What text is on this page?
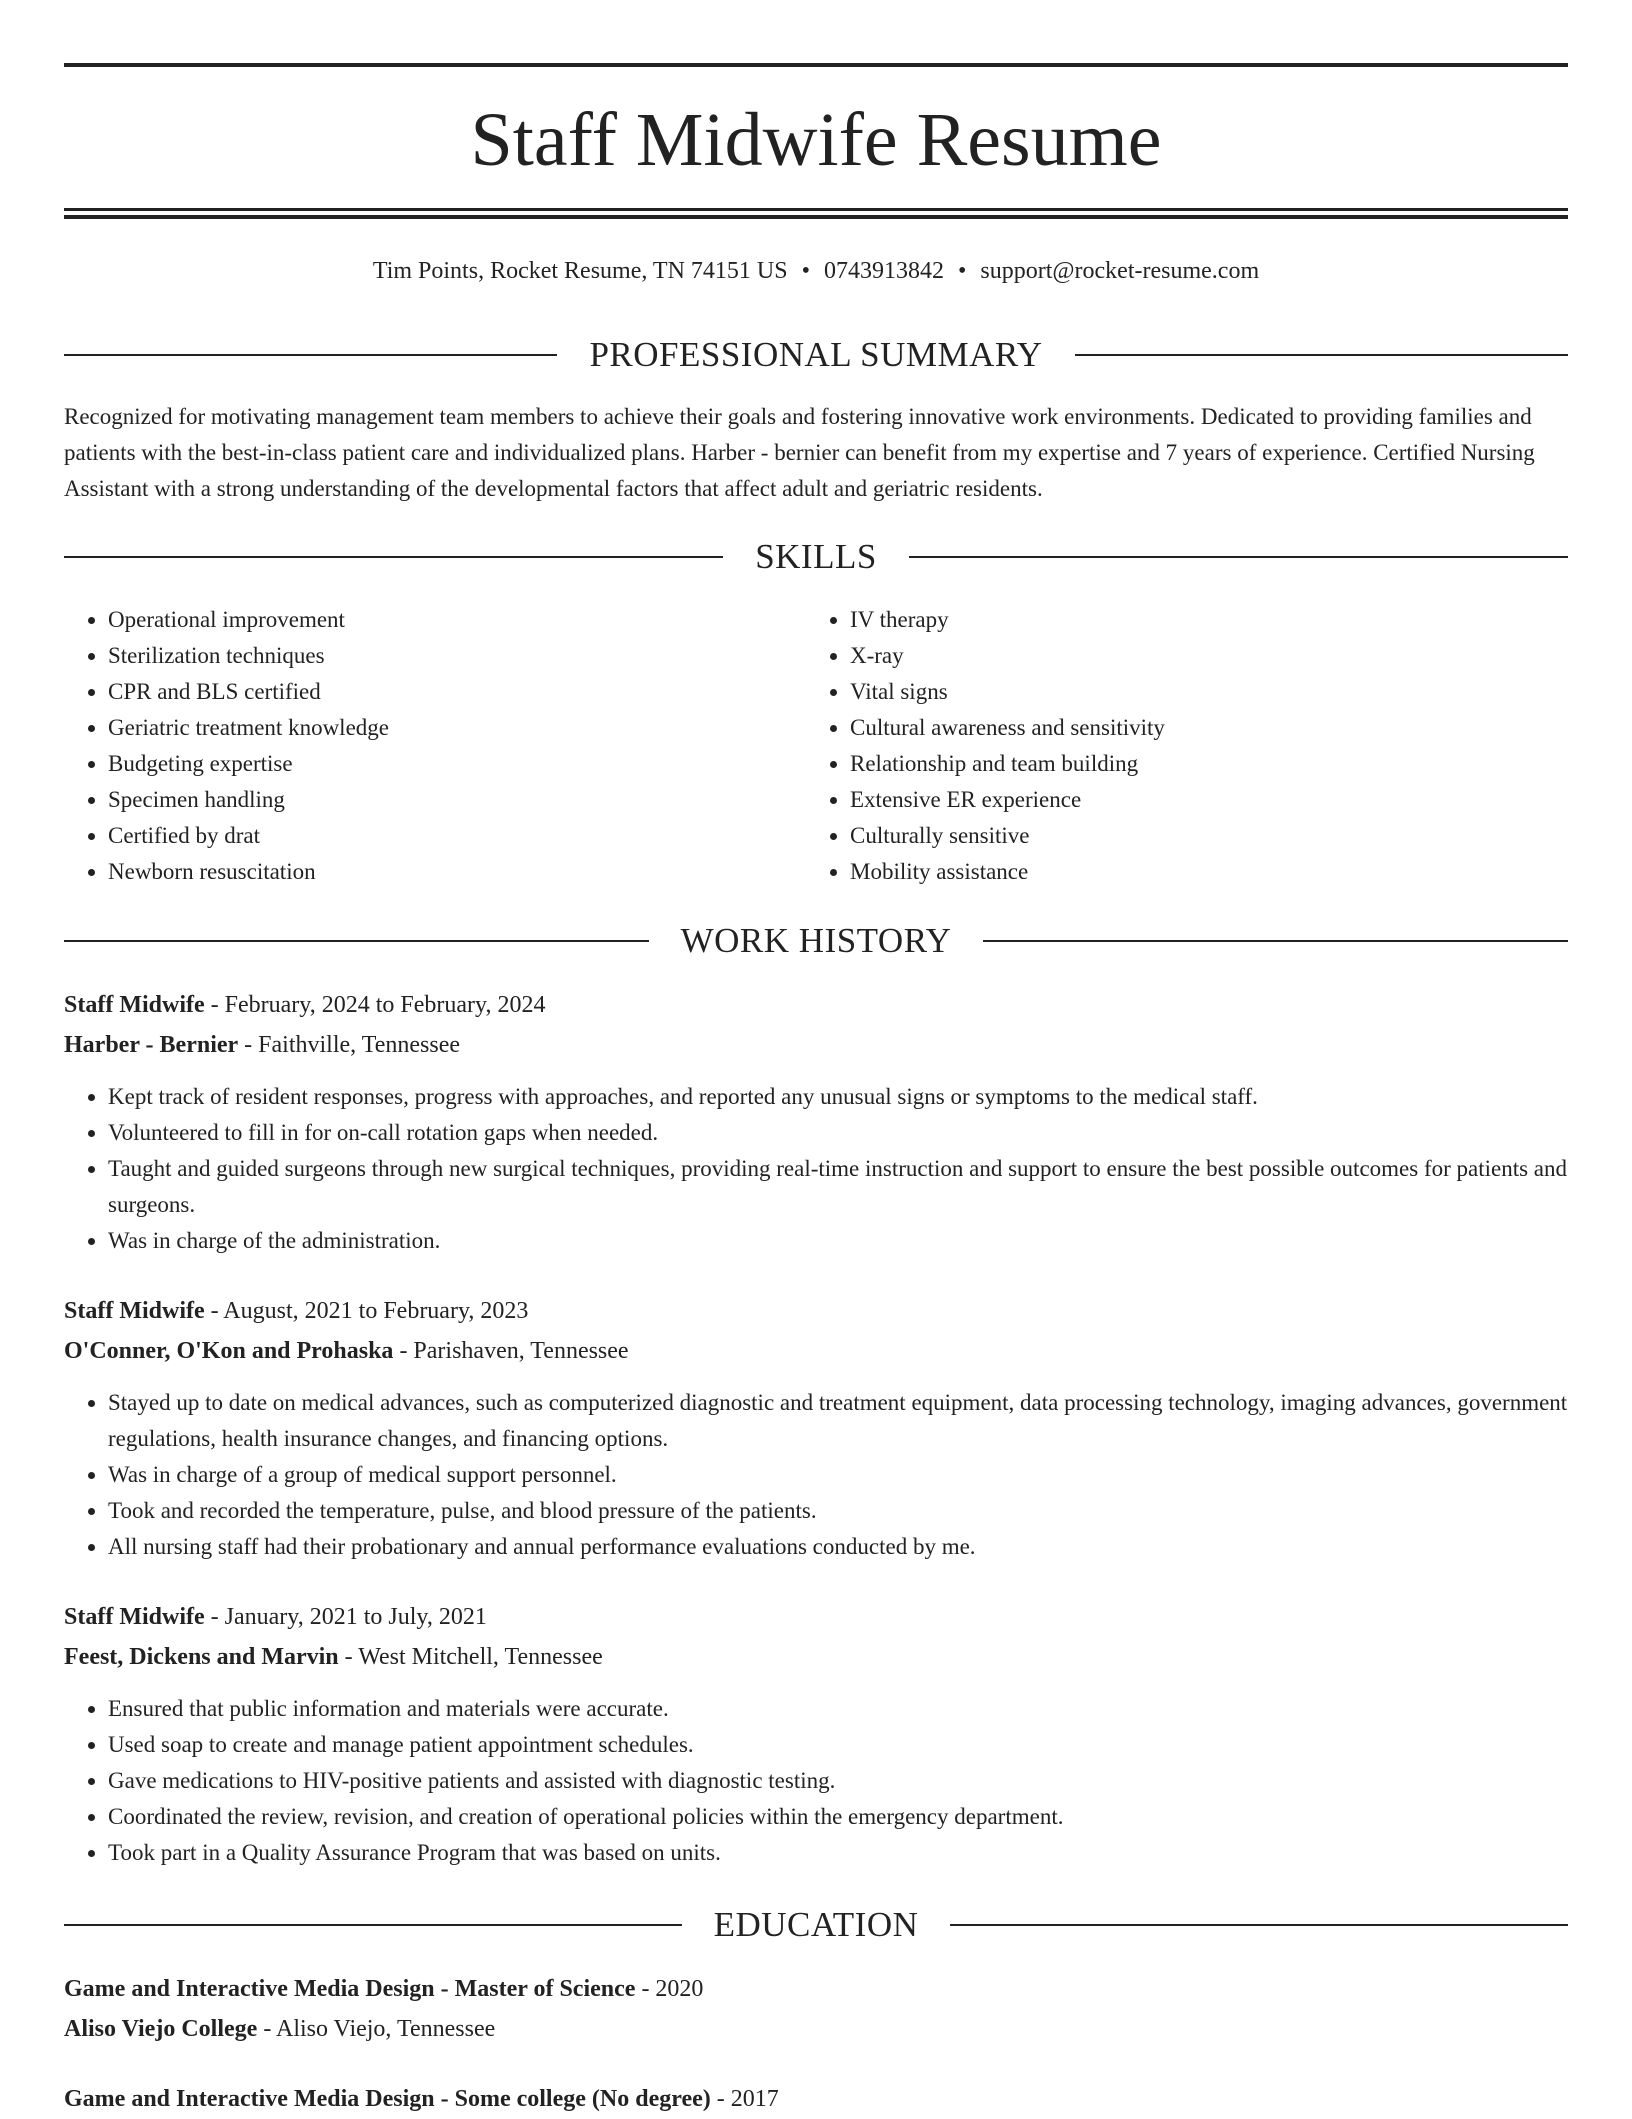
Staff Midwife Resume
Tim Points, Rocket Resume, TN 74151 US • 0743913842 • support@rocket-resume.com
PROFESSIONAL SUMMARY

Recognized for motivating management team members to achieve their goals and fostering innovative work environments. Dedicated to providing families and patients with the best-in-class patient care and individualized plans. Harber - bernier can benefit from my expertise and 7 years of experience. Certified Nursing Assistant with a strong understanding of the developmental factors that affect adult and geriatric residents.

SKILLS
• Operational improvement
• Sterilization techniques
• CPR and BLS certified
• Geriatric treatment knowledge
• Budgeting expertise
• Specimen handling
• Certified by drat
• Newborn resuscitation
• IV therapy
• X-ray
• Vital signs
• Cultural awareness and sensitivity
• Relationship and team building
• Extensive ER experience
• Culturally sensitive
• Mobility assistance
WORK HISTORY
Staff Midwife - February, 2024 to February, 2024
Harber - Bernier - Faithville, Tennessee
• Kept track of resident responses, progress with approaches, and reported any unusual signs or symptoms to the medical staff.
• Volunteered to fill in for on-call rotation gaps when needed.
• Taught and guided surgeons through new surgical techniques, providing real-time instruction and support to ensure the best possible outcomes for patients and surgeons.
• Was in charge of the administration.
Staff Midwife - August, 2021 to February, 2023
O'Conner, O'Kon and Prohaska - Parishaven, Tennessee
• Stayed up to date on medical advances, such as computerized diagnostic and treatment equipment, data processing technology, imaging advances, government regulations, health insurance changes, and financing options.
• Was in charge of a group of medical support personnel.
• Took and recorded the temperature, pulse, and blood pressure of the patients.
• All nursing staff had their probationary and annual performance evaluations conducted by me.
Staff Midwife - January, 2021 to July, 2021
Feest, Dickens and Marvin - West Mitchell, Tennessee
• Ensured that public information and materials were accurate.
• Used soap to create and manage patient appointment schedules.
• Gave medications to HIV-positive patients and assisted with diagnostic testing.
• Coordinated the review, revision, and creation of operational policies within the emergency department.
• Took part in a Quality Assurance Program that was based on units.
EDUCATION
Game and Interactive Media Design - Master of Science - 2020
Aliso Viejo College - Aliso Viejo, Tennessee
Game and Interactive Media Design - Some college (No degree) - 2017
